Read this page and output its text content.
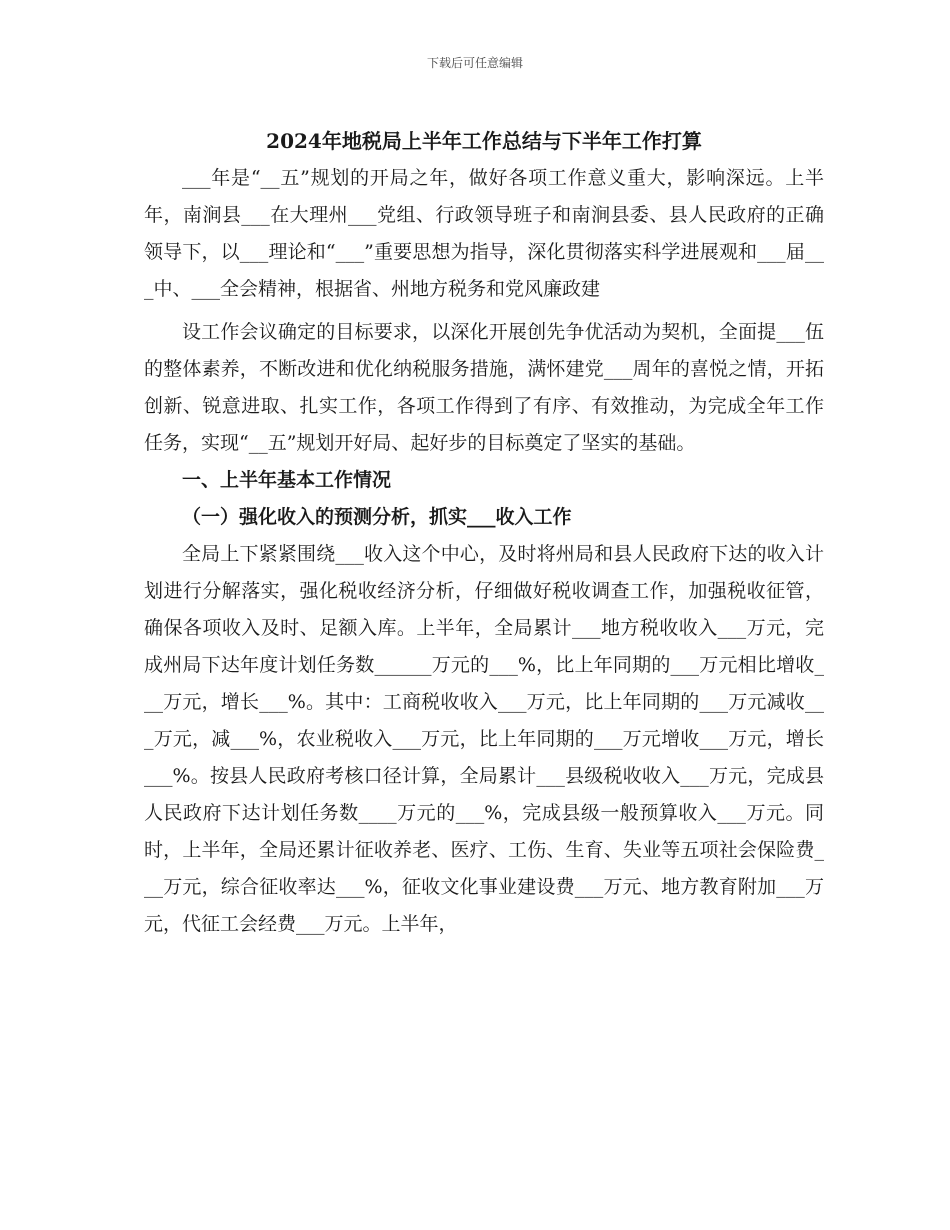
下载后可任意编辑
2024年地税局上半年工作总结与下半年工作打算

___年是“__五”规划的开局之年，做好各项工作意义重大，影响深远。上半年，南涧县___在大理州___党组、行政领导班子和南涧县委、县人民政府的正确领导下，以___理论和“___”重要思想为指导，深化贯彻落实科学进展观和___届___中、___全会精神，根据省、州地方税务和党风廉政建

设工作会议确定的目标要求，以深化开展创先争优活动为契机，全面提___伍的整体素养，不断改进和优化纳税服务措施，满怀建党___周年的喜悦之情，开拓创新、锐意进取、扎实工作，各项工作得到了有序、有效推动，为完成全年工作任务，实现“__五”规划开好局、起好步的目标奠定了坚实的基础。

一、上半年基本工作情况

（一）强化收入的预测分析，抓实___收入工作

全局上下紧紧围绕___收入这个中心，及时将州局和县人民政府下达的收入计划进行分解落实，强化税收经济分析，仔细做好税收调查工作，加强税收征管，确保各项收入及时、足额入库。上半年，全局累计___地方税收收入___万元，完成州局下达年度计划任务数______万元的___%，比上年同期的___万元相比增收___万元，增长___%。其中：工商税收收入___万元，比上年同期的___万元减收___万元，减___%，农业税收入___万元，比上年同期的___万元增收___万元，增长___%。按县人民政府考核口径计算，全局累计___县级税收收入___万元，完成县人民政府下达计划任务数____万元的___%，完成县级一般预算收入___万元。同时，上半年，全局还累计征收养老、医疗、工伤、生育、失业等五项社会保险费___万元，综合征收率达___%，征收文化事业建设费___万元、地方教育附加___万元，代征工会经费___万元。上半年，
